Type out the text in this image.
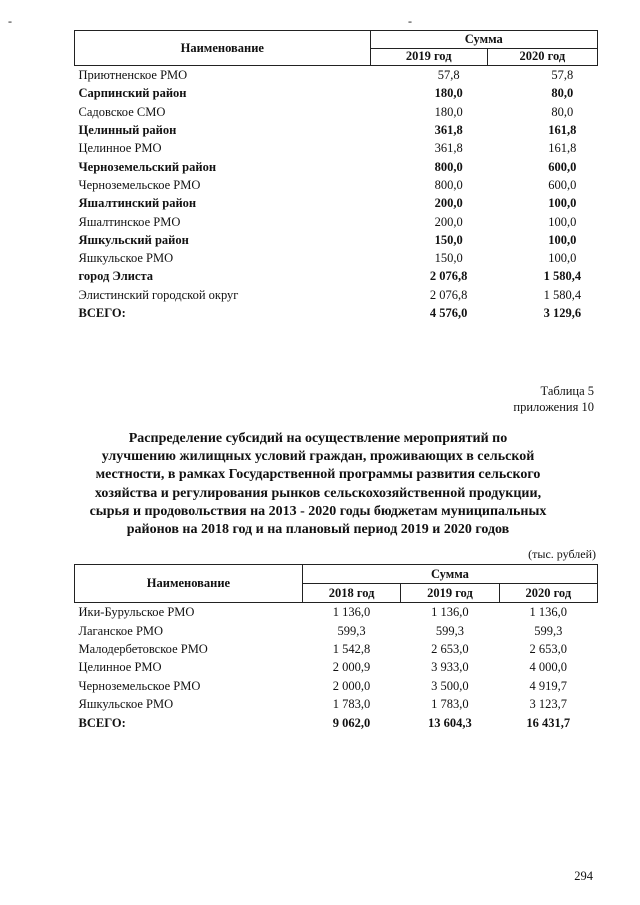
-	-
Наименование	Сумма	
	2019 год	2020 год
Приютненское РМО	57,8	57,8
Сарпинский район	180,0	80,0
Садовское СМО	180,0	80,0
Целинный район	361,8	161,8
Целинное РМО	361,8	161,8
Черноземельский район	800,0	600,0
Черноземельское РМО	800,0	600,0
Яшалтинский район	200,0	100,0
Яшалтинское РМО	200,0	100,0
Яшкульский район	150,0	100,0
Яшкульское РМО	150,0	100,0
город Элиста	2 076,8	1 580,4
Элистинский городской округ	2 076,8	1 580,4
ВСЕГО:	4 576,0	3 129,6
Таблица 5
приложения 10
Распределение субсидий на осуществление мероприятий по
улучшению жилищных условий граждан, проживающих в сельской
местности, в рамках Государственной программы развития сельского
хозяйства и регулирования рынков сельскохозяйственной продукции,
сырья и продовольствия на 2013 - 2020 годы бюджетам муниципальных
районов на 2018 год и на плановый период 2019 и 2020 годов
(тыс. рублей)
Наименование	Сумма		
	2018 год	2019 год	2020 год
Ики-Бурульское РМО	1 136,0	1 136,0	1 136,0
Лаганское РМО	599,3	599,3	599,3
Малодербетовское РМО	1 542,8	2 653,0	2 653,0
Целинное РМО	2 000,9	3 933,0	4 000,0
Черноземельское РМО	2 000,0	3 500,0	4 919,7
Яшкульское РМО	1 783,0	1 783,0	3 123,7
ВСЕГО:	9 062,0	13 604,3	16 431,7
294
